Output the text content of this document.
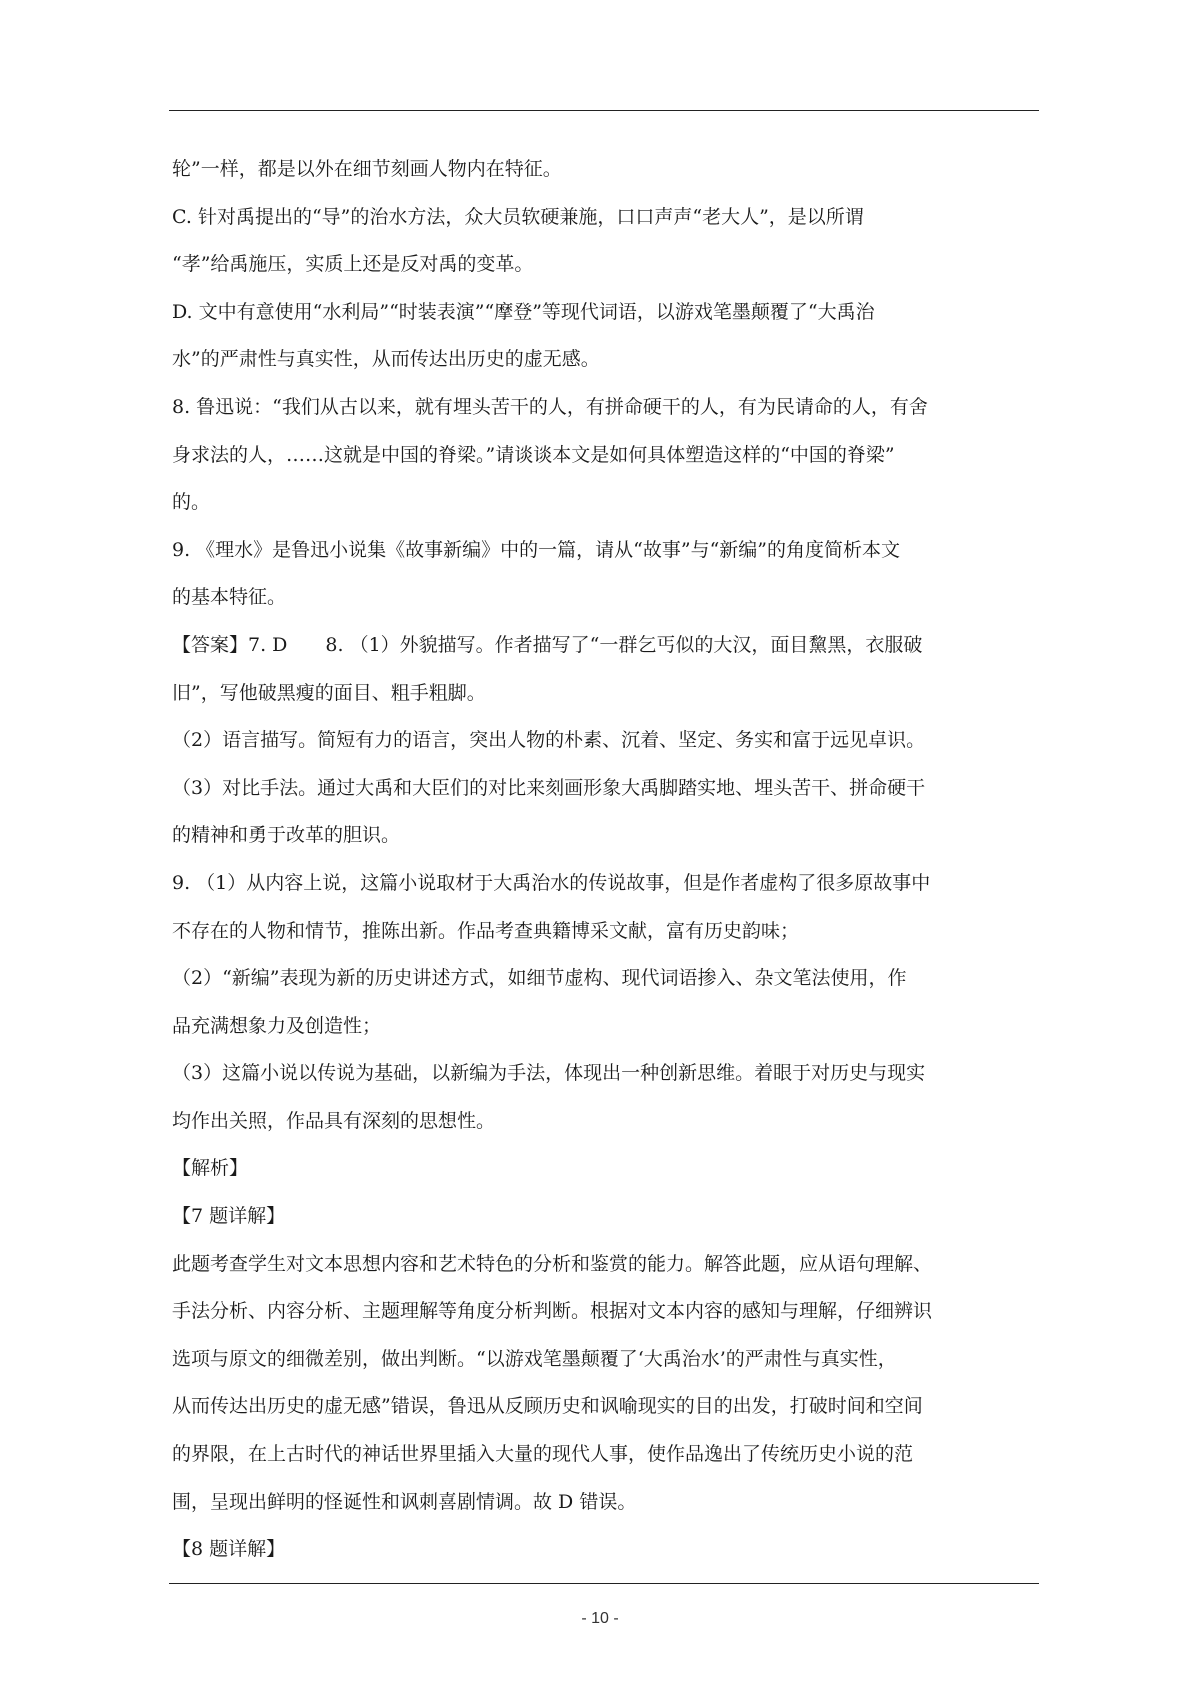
轮”一样，都是以外在细节刻画人物内在特征。
C. 针对禹提出的“导”的治水方法，众大员软硬兼施，口口声声“老大人”，是以所谓
“孝”给禹施压，实质上还是反对禹的变革。
D. 文中有意使用“水利局”“时装表演”“摩登”等现代词语，以游戏笔墨颠覆了“大禹治
水”的严肃性与真实性，从而传达出历史的虚无感。
8. 鲁迅说：“我们从古以来，就有埋头苦干的人，有拼命硬干的人，有为民请命的人，有舍
身求法的人，……这就是中国的脊梁。”请谈谈本文是如何具体塑造这样的“中国的脊梁”
的。
9. 《理水》是鲁迅小说集《故事新编》中的一篇，请从“故事”与“新编”的角度简析本文
的基本特征。
【答案】7. D　　8. （1）外貌描写。作者描写了“一群乞丐似的大汉，面目黧黑，衣服破
旧”，写他破黑瘦的面目、粗手粗脚。
（2）语言描写。简短有力的语言，突出人物的朴素、沉着、坚定、务实和富于远见卓识。
（3）对比手法。通过大禹和大臣们的对比来刻画形象大禹脚踏实地、埋头苦干、拼命硬干
的精神和勇于改革的胆识。
9. （1）从内容上说，这篇小说取材于大禹治水的传说故事，但是作者虚构了很多原故事中
不存在的人物和情节，推陈出新。作品考查典籍博采文献，富有历史韵味；
（2）“新编”表现为新的历史讲述方式，如细节虚构、现代词语掺入、杂文笔法使用，作
品充满想象力及创造性；
（3）这篇小说以传说为基础，以新编为手法，体现出一种创新思维。着眼于对历史与现实
均作出关照，作品具有深刻的思想性。
【解析】
【7 题详解】
此题考查学生对文本思想内容和艺术特色的分析和鉴赏的能力。解答此题，应从语句理解、
手法分析、内容分析、主题理解等角度分析判断。根据对文本内容的感知与理解，仔细辨识
选项与原文的细微差别，做出判断。“以游戏笔墨颠覆了‘大禹治水’的严肃性与真实性，
从而传达出历史的虚无感”错误，鲁迅从反顾历史和讽喻现实的目的出发，打破时间和空间
的界限，在上古时代的神话世界里插入大量的现代人事，使作品逸出了传统历史小说的范
围，呈现出鲜明的怪诞性和讽刺喜剧情调。故 D 错误。
【8 题详解】
- 10 -
